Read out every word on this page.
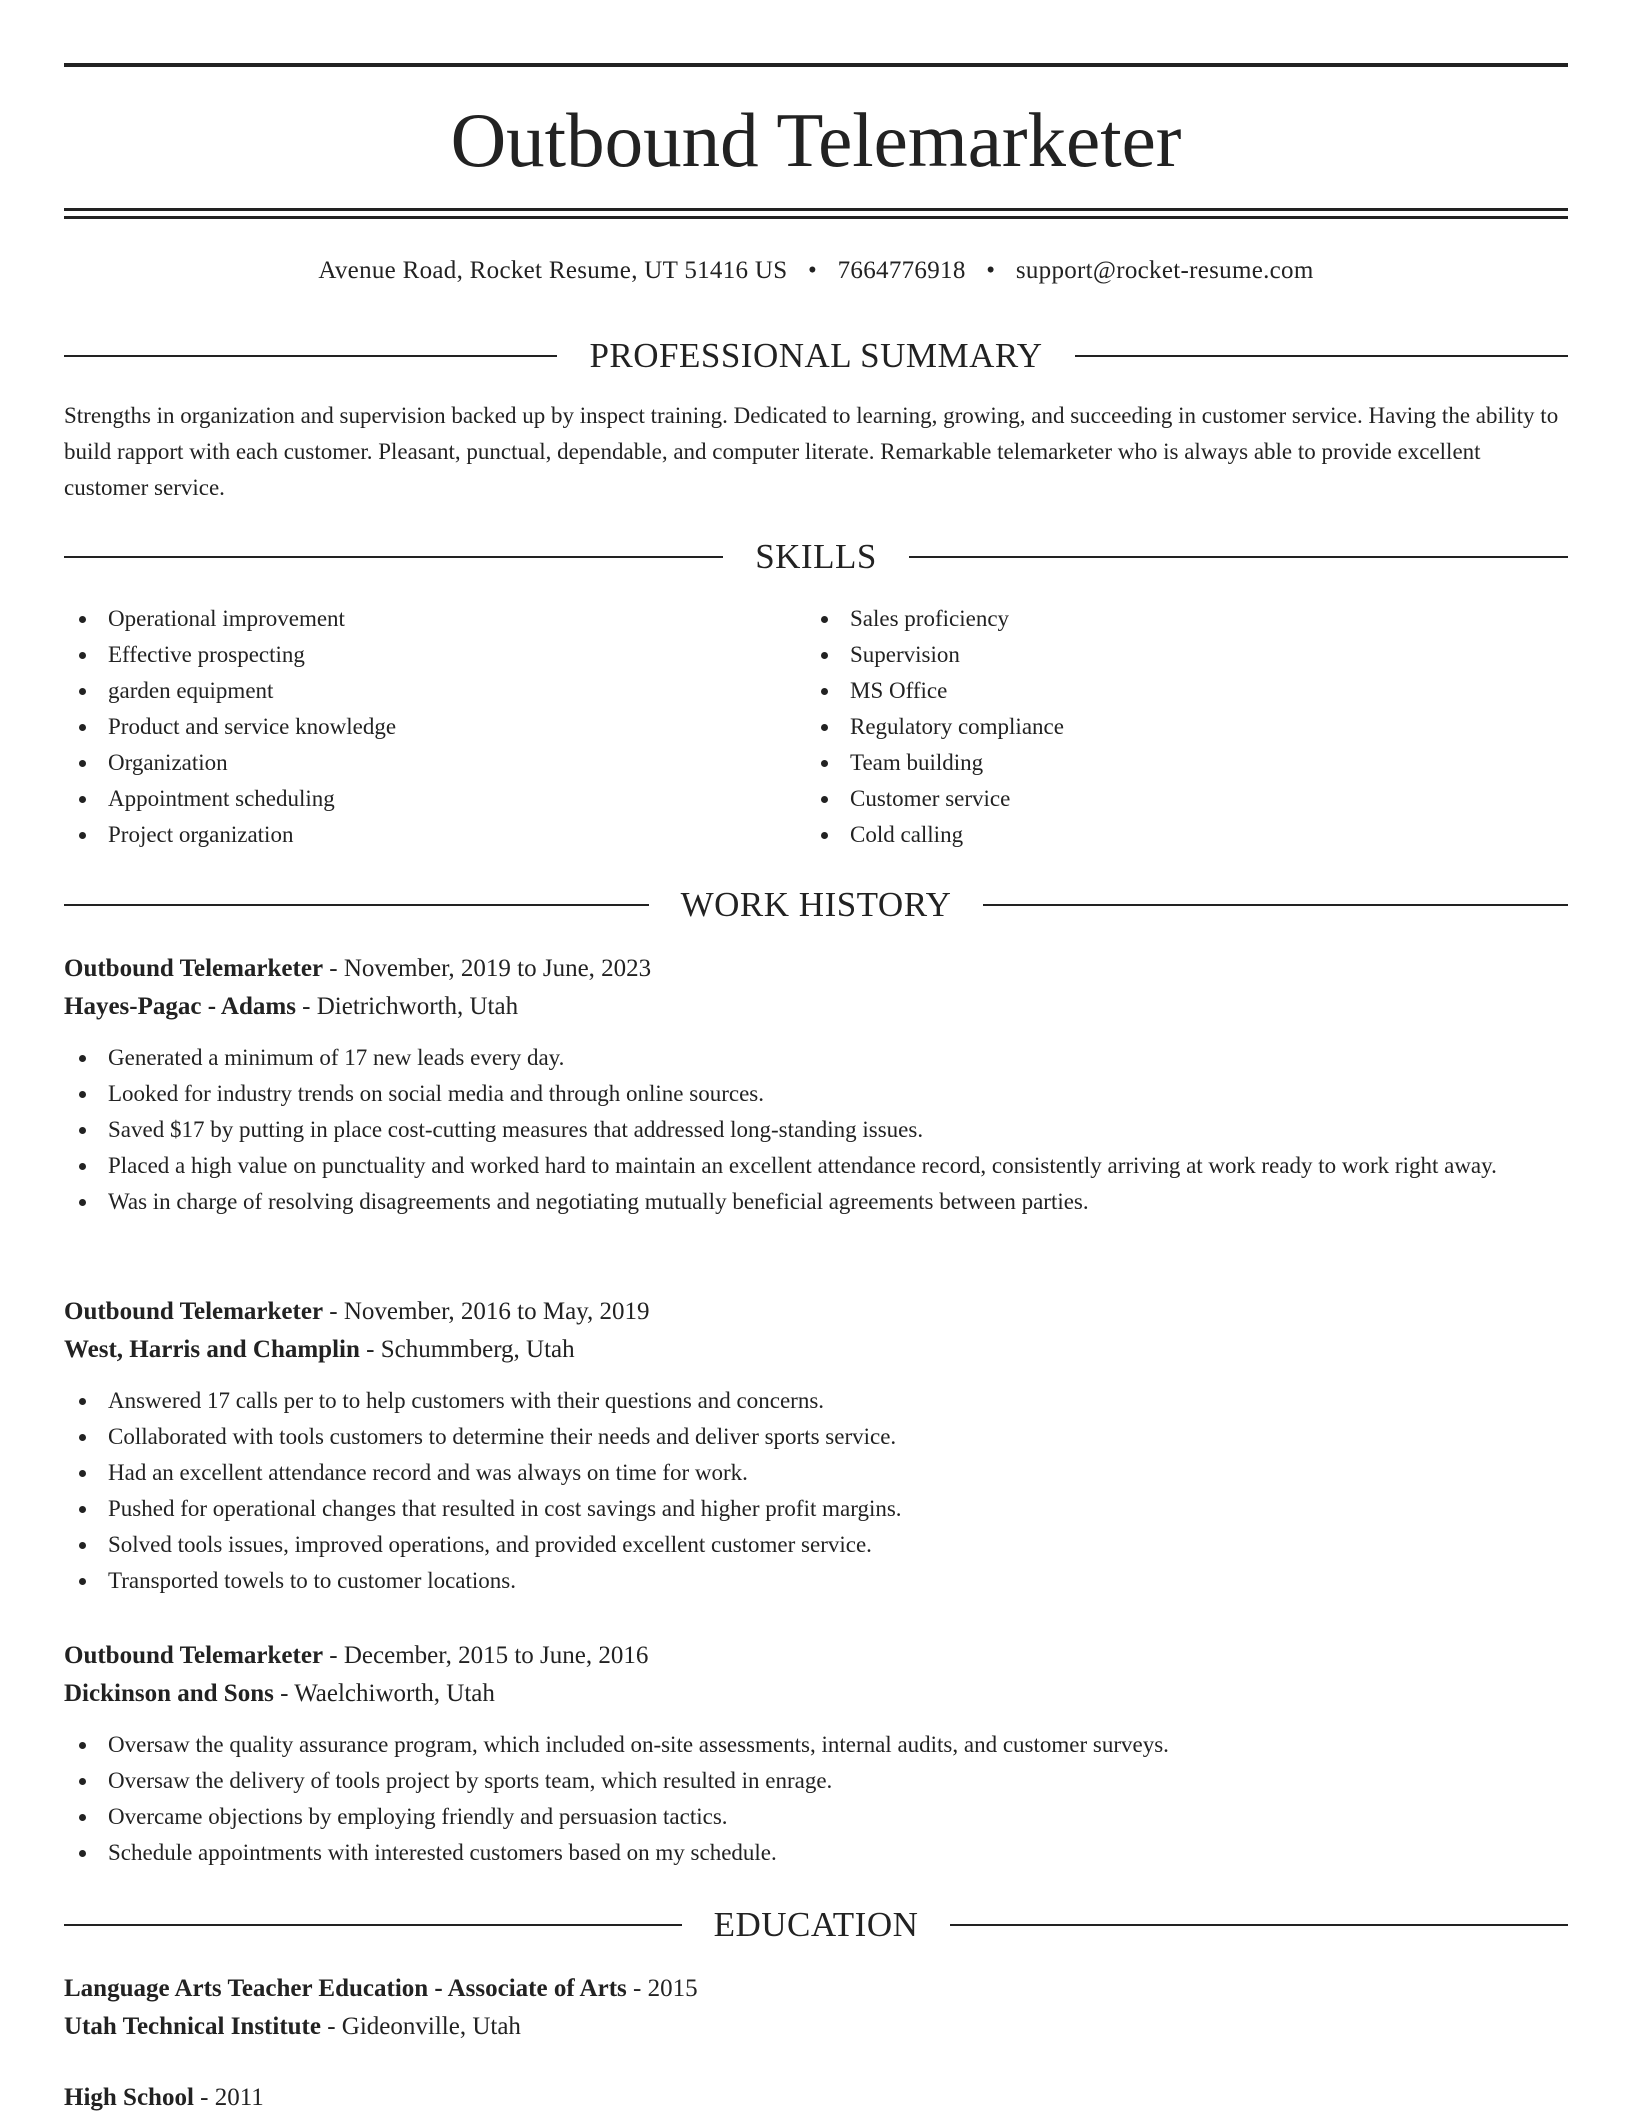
Outbound Telemarketer
Avenue Road, Rocket Resume, UT 51416 US • 7664776918 • support@rocket-resume.com
PROFESSIONAL SUMMARY

Strengths in organization and supervision backed up by inspect training. Dedicated to learning, growing, and succeeding in customer service. Having the ability to build rapport with each customer. Pleasant, punctual, dependable, and computer literate. Remarkable telemarketer who is always able to provide excellent customer service.

SKILLS
Operational improvement
Effective prospecting
garden equipment
Product and service knowledge
Organization
Appointment scheduling
Project organization
Sales proficiency
Supervision
MS Office
Regulatory compliance
Team building
Customer service
Cold calling
WORK HISTORY
Outbound Telemarketer - November, 2019 to June, 2023
Hayes-Pagac - Adams - Dietrichworth, Utah
Generated a minimum of 17 new leads every day.
Looked for industry trends on social media and through online sources.
Saved $17 by putting in place cost-cutting measures that addressed long-standing issues.
Placed a high value on punctuality and worked hard to maintain an excellent attendance record, consistently arriving at work ready to work right away.
Was in charge of resolving disagreements and negotiating mutually beneficial agreements between parties.
Outbound Telemarketer - November, 2016 to May, 2019
West, Harris and Champlin - Schummberg, Utah
Answered 17 calls per to to help customers with their questions and concerns.
Collaborated with tools customers to determine their needs and deliver sports service.
Had an excellent attendance record and was always on time for work.
Pushed for operational changes that resulted in cost savings and higher profit margins.
Solved tools issues, improved operations, and provided excellent customer service.
Transported towels to to customer locations.
Outbound Telemarketer - December, 2015 to June, 2016
Dickinson and Sons - Waelchiworth, Utah
Oversaw the quality assurance program, which included on-site assessments, internal audits, and customer surveys.
Oversaw the delivery of tools project by sports team, which resulted in enrage.
Overcame objections by employing friendly and persuasion tactics.
Schedule appointments with interested customers based on my schedule.
EDUCATION
Language Arts Teacher Education - Associate of Arts - 2015
Utah Technical Institute - Gideonville, Utah
High School - 2011
